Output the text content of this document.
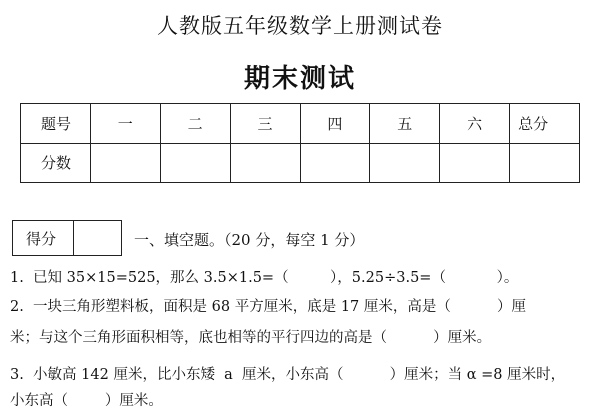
人教版五年级数学上册测试卷
期末测试
题号	一	二	三	四	五	六	总分
分数							
得分	一、填空题。（20 分，每空 1 分）
1.  已知 35×15=525，那么 3.5×1.5=（         ），5.25÷3.5=（           ）。
2.  一块三角形塑料板，面积是 68 平方厘米，底是 17 厘米，高是（          ）厘
米；与这个三角形面积相等，底也相等的平行四边的高是（          ）厘米。
3.  小敏高 142 厘米，比小东矮  a  厘米，小东高（          ）厘米；当 α =8 厘米时，
小东高（        ）厘米。
